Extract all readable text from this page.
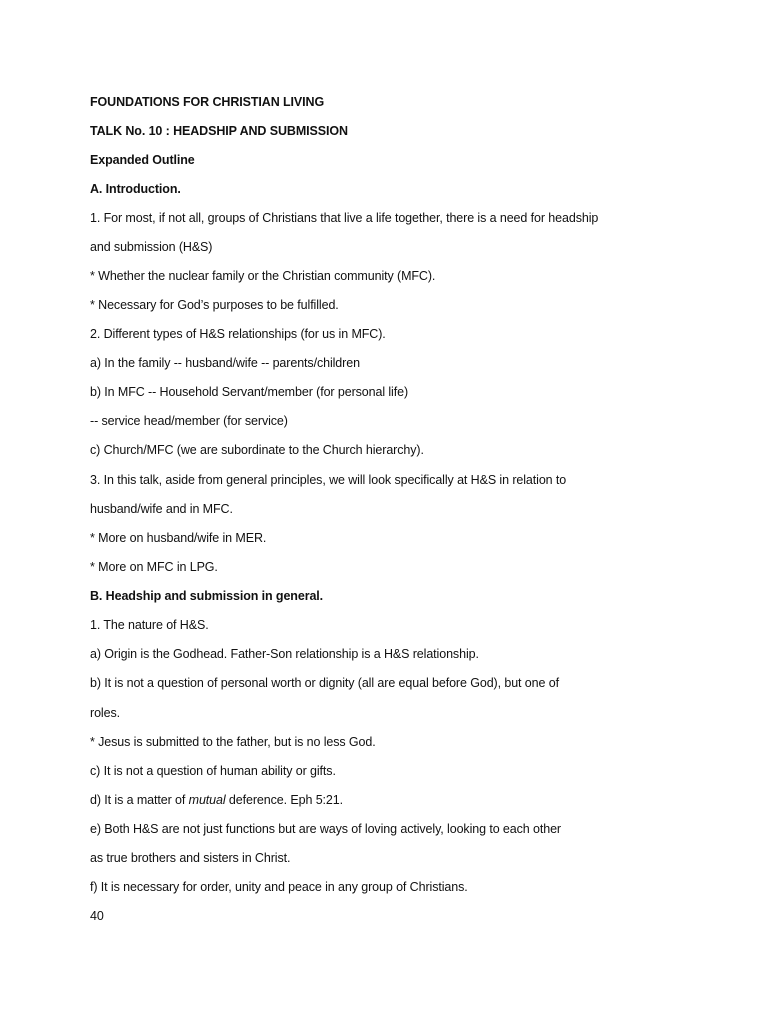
FOUNDATIONS FOR CHRISTIAN LIVING
TALK No. 10 : HEADSHIP AND SUBMISSION
Expanded Outline
A. Introduction.
1. For most, if not all, groups of Christians that live a life together, there is a need for headship
and submission (H&S)
* Whether the nuclear family or the Christian community (MFC).
* Necessary for God’s purposes to be fulfilled.
2. Different types of H&S relationships (for us in MFC).
a) In the family -- husband/wife -- parents/children
b) In MFC -- Household Servant/member (for personal life)
-- service head/member (for service)
c) Church/MFC (we are subordinate to the Church hierarchy).
3. In this talk, aside from general principles, we will look specifically at H&S in relation to
husband/wife and in MFC.
* More on husband/wife in MER.
* More on MFC in LPG.
B. Headship and submission in general.
1. The nature of H&S.
a) Origin is the Godhead. Father-Son relationship is a H&S relationship.
b) It is not a question of personal worth or dignity (all are equal before God), but one of
roles.
* Jesus is submitted to the father, but is no less God.
c) It is not a question of human ability or gifts.
d) It is a matter of mutual deference. Eph 5:21.
e) Both H&S are not just functions but are ways of loving actively, looking to each other
as true brothers and sisters in Christ.
f) It is necessary for order, unity and peace in any group of Christians.
40
